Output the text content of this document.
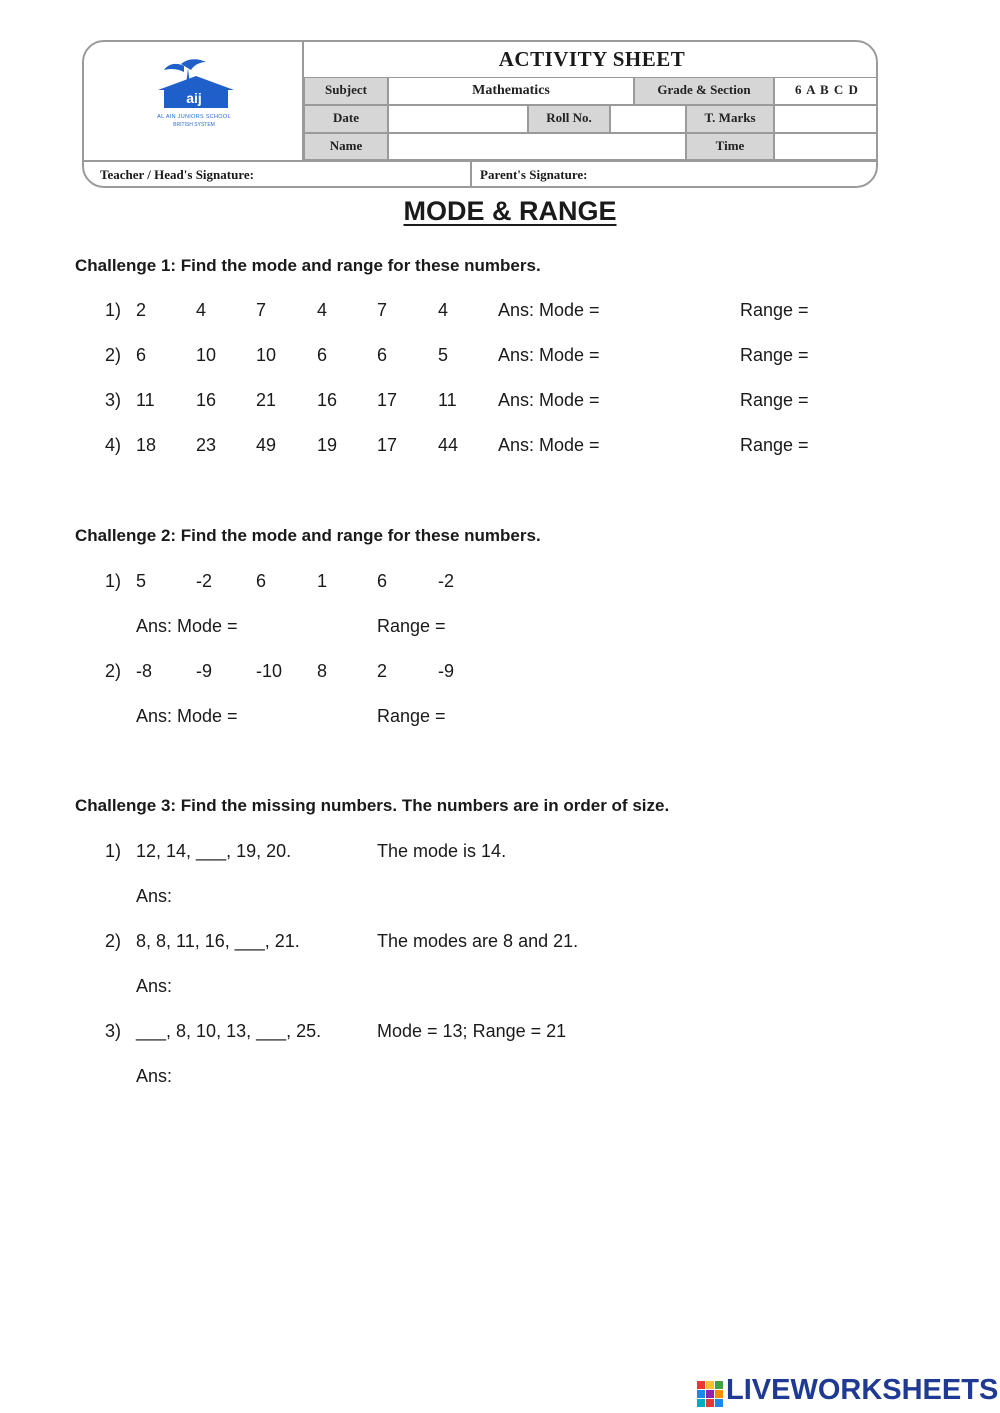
aij
AL AIN JUNIORS SCHOOL
BRITISH SYSTEM
ACTIVITY SHEET
Subject	Mathematics	Grade & Section	6 A B C D
Date	Roll No.	T. Marks
Name	Time
Teacher / Head's Signature:	Parent's Signature:
MODE & RANGE
Challenge 1: Find the mode and range for these numbers.
1) 2	4	7	4	7	4	Ans: Mode =	Range =
2) 6	10 10 6	6	5	Ans: Mode =	Range =
3) 11 16 21 16 17 11 Ans: Mode =	Range =
4) 18 23 49 19 17 44 Ans: Mode =	Range =
Challenge 2: Find the mode and range for these numbers.
1) 5	-2 6	1	6	-2
Ans: Mode =	Range =
2) -8 -9 -10 8	2	-9
Ans: Mode =	Range =
Challenge 3: Find the missing numbers. The numbers are in order of size.
1) 12, 14, ___, 19, 20.	The mode is 14.
Ans:
2) 8, 8, 11, 16, ___, 21.	The modes are 8 and 21.
Ans:
3) ___, 8, 10, 13, ___, 25.	Mode = 13; Range = 21
Ans:
LIVEWORKSHEETS
